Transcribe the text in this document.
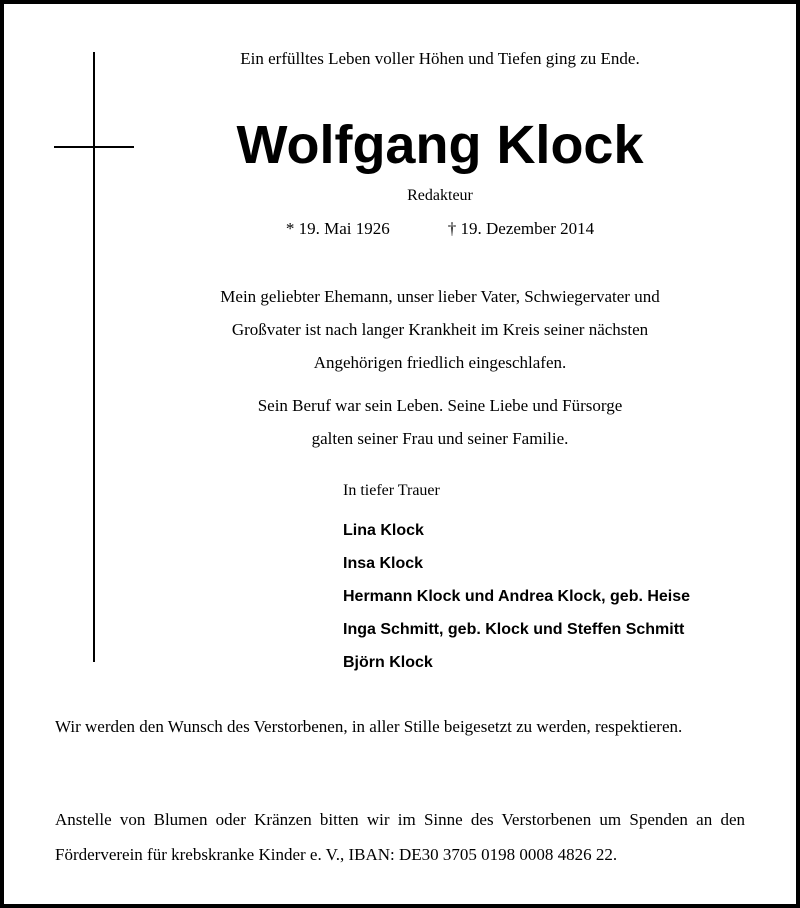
Ein erfülltes Leben voller Höhen und Tiefen ging zu Ende.
Wolfgang Klock
Redakteur
* 19. Mai 1926	† 19. Dezember 2014
Mein geliebter Ehemann, unser lieber Vater, Schwiegervater und Großvater ist nach langer Krankheit im Kreis seiner nächsten Angehörigen friedlich eingeschlafen.
Sein Beruf war sein Leben. Seine Liebe und Fürsorge galten seiner Frau und seiner Familie.
In tiefer Trauer
Lina Klock
Insa Klock
Hermann Klock und Andrea Klock, geb. Heise
Inga Schmitt, geb. Klock und Steffen Schmitt
Björn Klock
Wir werden den Wunsch des Verstorbenen, in aller Stille beigesetzt zu werden, respektieren.
Anstelle von Blumen oder Kränzen bitten wir im Sinne des Verstorbenen um Spenden an den Förderverein für krebskranke Kinder e. V., IBAN: DE30 3705 0198 0008 4826 22.
